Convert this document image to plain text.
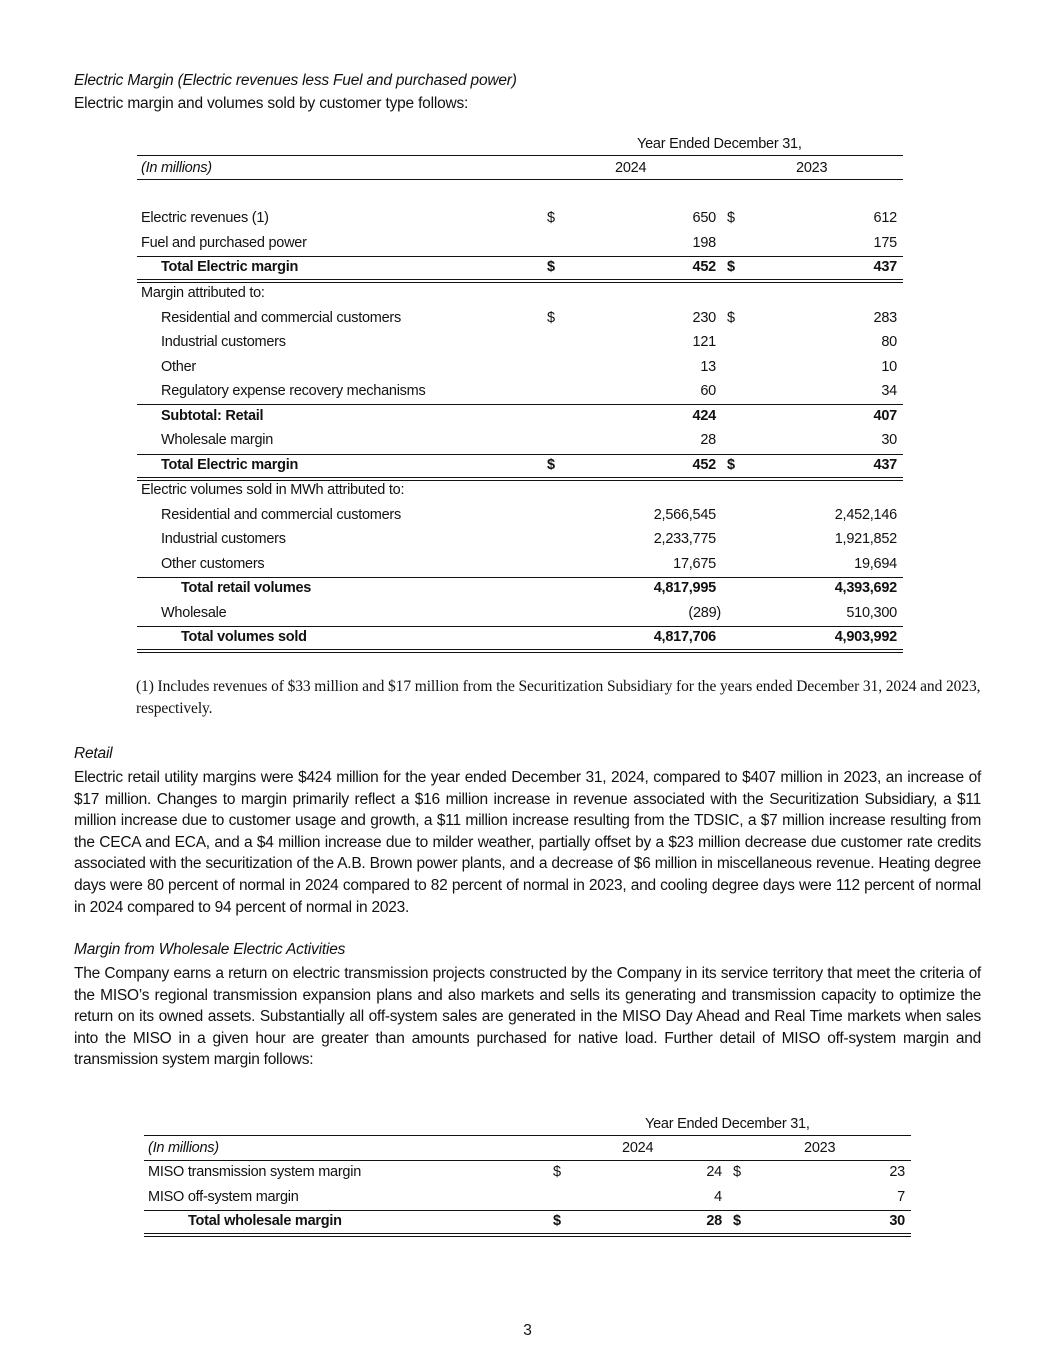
Electric Margin (Electric revenues less Fuel and purchased power)
Electric margin and volumes sold by customer type follows:
Year Ended December 31,
(In millions)	2024	2023
Electric revenues (1)	$	650 $	612
Fuel and purchased power	198	175
Total Electric margin	$	452 $	437
Margin attributed to:
Residential and commercial customers	$	230 $	283
Industrial customers	121	80
Other	13	10
Regulatory expense recovery mechanisms	60	34
Subtotal: Retail	424	407
Wholesale margin	28	30
Total Electric margin	$	452 $	437
Electric volumes sold in MWh attributed to:
Residential and commercial customers	2,566,545	2,452,146
Industrial customers	2,233,775	1,921,852
Other customers	17,675	19,694
Total retail volumes	4,817,995	4,393,692
Wholesale	(289)	510,300
Total volumes sold	4,817,706	4,903,992
(1) Includes revenues of $33 million and $17 million from the Securitization Subsidiary for the years ended December 31, 2024 and 2023, respectively.
Retail
Electric retail utility margins were $424 million for the year ended December 31, 2024, compared to $407 million in 2023, an increase of $17 million. Changes to margin primarily reflect a $16 million increase in revenue associated with the Securitization Subsidiary, a $11 million increase due to customer usage and growth, a $11 million increase resulting from the TDSIC, a $7 million increase resulting from the CECA and ECA, and a $4 million increase due to milder weather, partially offset by a $23 million decrease due customer rate credits associated with the securitization of the A.B. Brown power plants, and a decrease of $6 million in miscellaneous revenue. Heating degree days were 80 percent of normal in 2024 compared to 82 percent of normal in 2023, and cooling degree days were 112 percent of normal in 2024 compared to 94 percent of normal in 2023.
Margin from Wholesale Electric Activities
The Company earns a return on electric transmission projects constructed by the Company in its service territory that meet the criteria of the MISO’s regional transmission expansion plans and also markets and sells its generating and transmission capacity to optimize the return on its owned assets. Substantially all off-system sales are generated in the MISO Day Ahead and Real Time markets when sales into the MISO in a given hour are greater than amounts purchased for native load. Further detail of MISO off-system margin and transmission system margin follows:
Year Ended December 31,
(In millions)	2024	2023
MISO transmission system margin	$	24 $	23
MISO off-system margin	4	7
Total wholesale margin	$	28 $	30
3
